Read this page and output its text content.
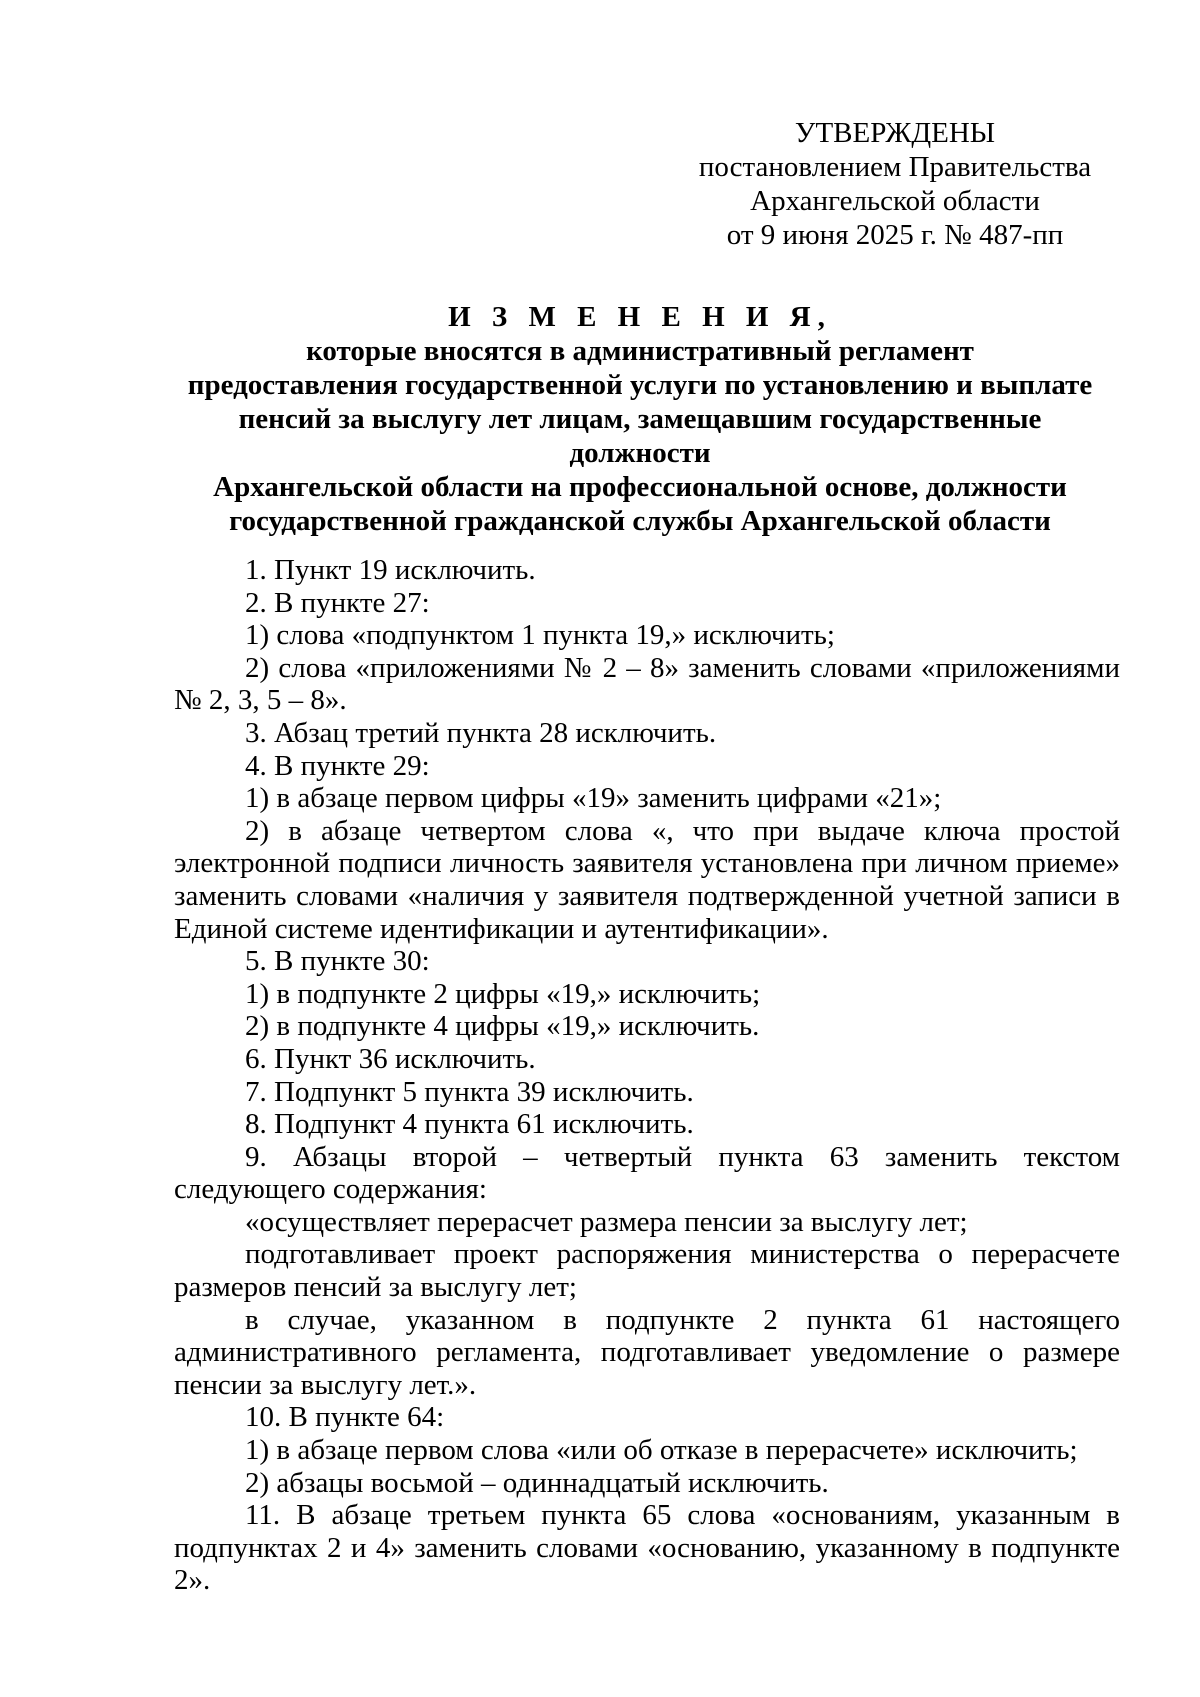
УТВЕРЖДЕНЫ
постановлением Правительства
Архангельской области
от 9 июня 2025 г. № 487-пп
И З М Е Н Е Н И Я,
которые вносятся в административный регламент
предоставления государственной услуги по установлению и выплате
пенсий за выслугу лет лицам, замещавшим государственные должности
Архангельской области на профессиональной основе, должности
государственной гражданской службы Архангельской области

1. Пункт 19 исключить.

2. В пункте 27:

1) слова «подпунктом 1 пункта 19,» исключить;

2) слова «приложениями № 2 – 8» заменить словами «приложениями № 2, 3, 5 – 8».

3. Абзац третий пункта 28 исключить.

4. В пункте 29:

1) в абзаце первом цифры «19» заменить цифрами «21»;

2) в абзаце четвертом слова «, что при выдаче ключа простой электронной подписи личность заявителя установлена при личном приеме» заменить словами «наличия у заявителя подтвержденной учетной записи в Единой системе идентификации и аутентификации».

5. В пункте 30:

1) в подпункте 2 цифры «19,» исключить;

2) в подпункте 4 цифры «19,» исключить.

6. Пункт 36 исключить.

7. Подпункт 5 пункта 39 исключить.

8. Подпункт 4 пункта 61 исключить.

9. Абзацы второй – четвертый пункта 63 заменить текстом следующего содержания:

«осуществляет перерасчет размера пенсии за выслугу лет;

подготавливает проект распоряжения министерства о перерасчете размеров пенсий за выслугу лет;

в случае, указанном в подпункте 2 пункта 61 настоящего административного регламента, подготавливает уведомление о размере пенсии за выслугу лет.».

10. В пункте 64:

1) в абзаце первом слова «или об отказе в перерасчете» исключить;

2) абзацы восьмой – одиннадцатый исключить.

11. В абзаце третьем пункта 65 слова «основаниям, указанным в подпунктах 2 и 4» заменить словами «основанию, указанному в подпункте 2».
